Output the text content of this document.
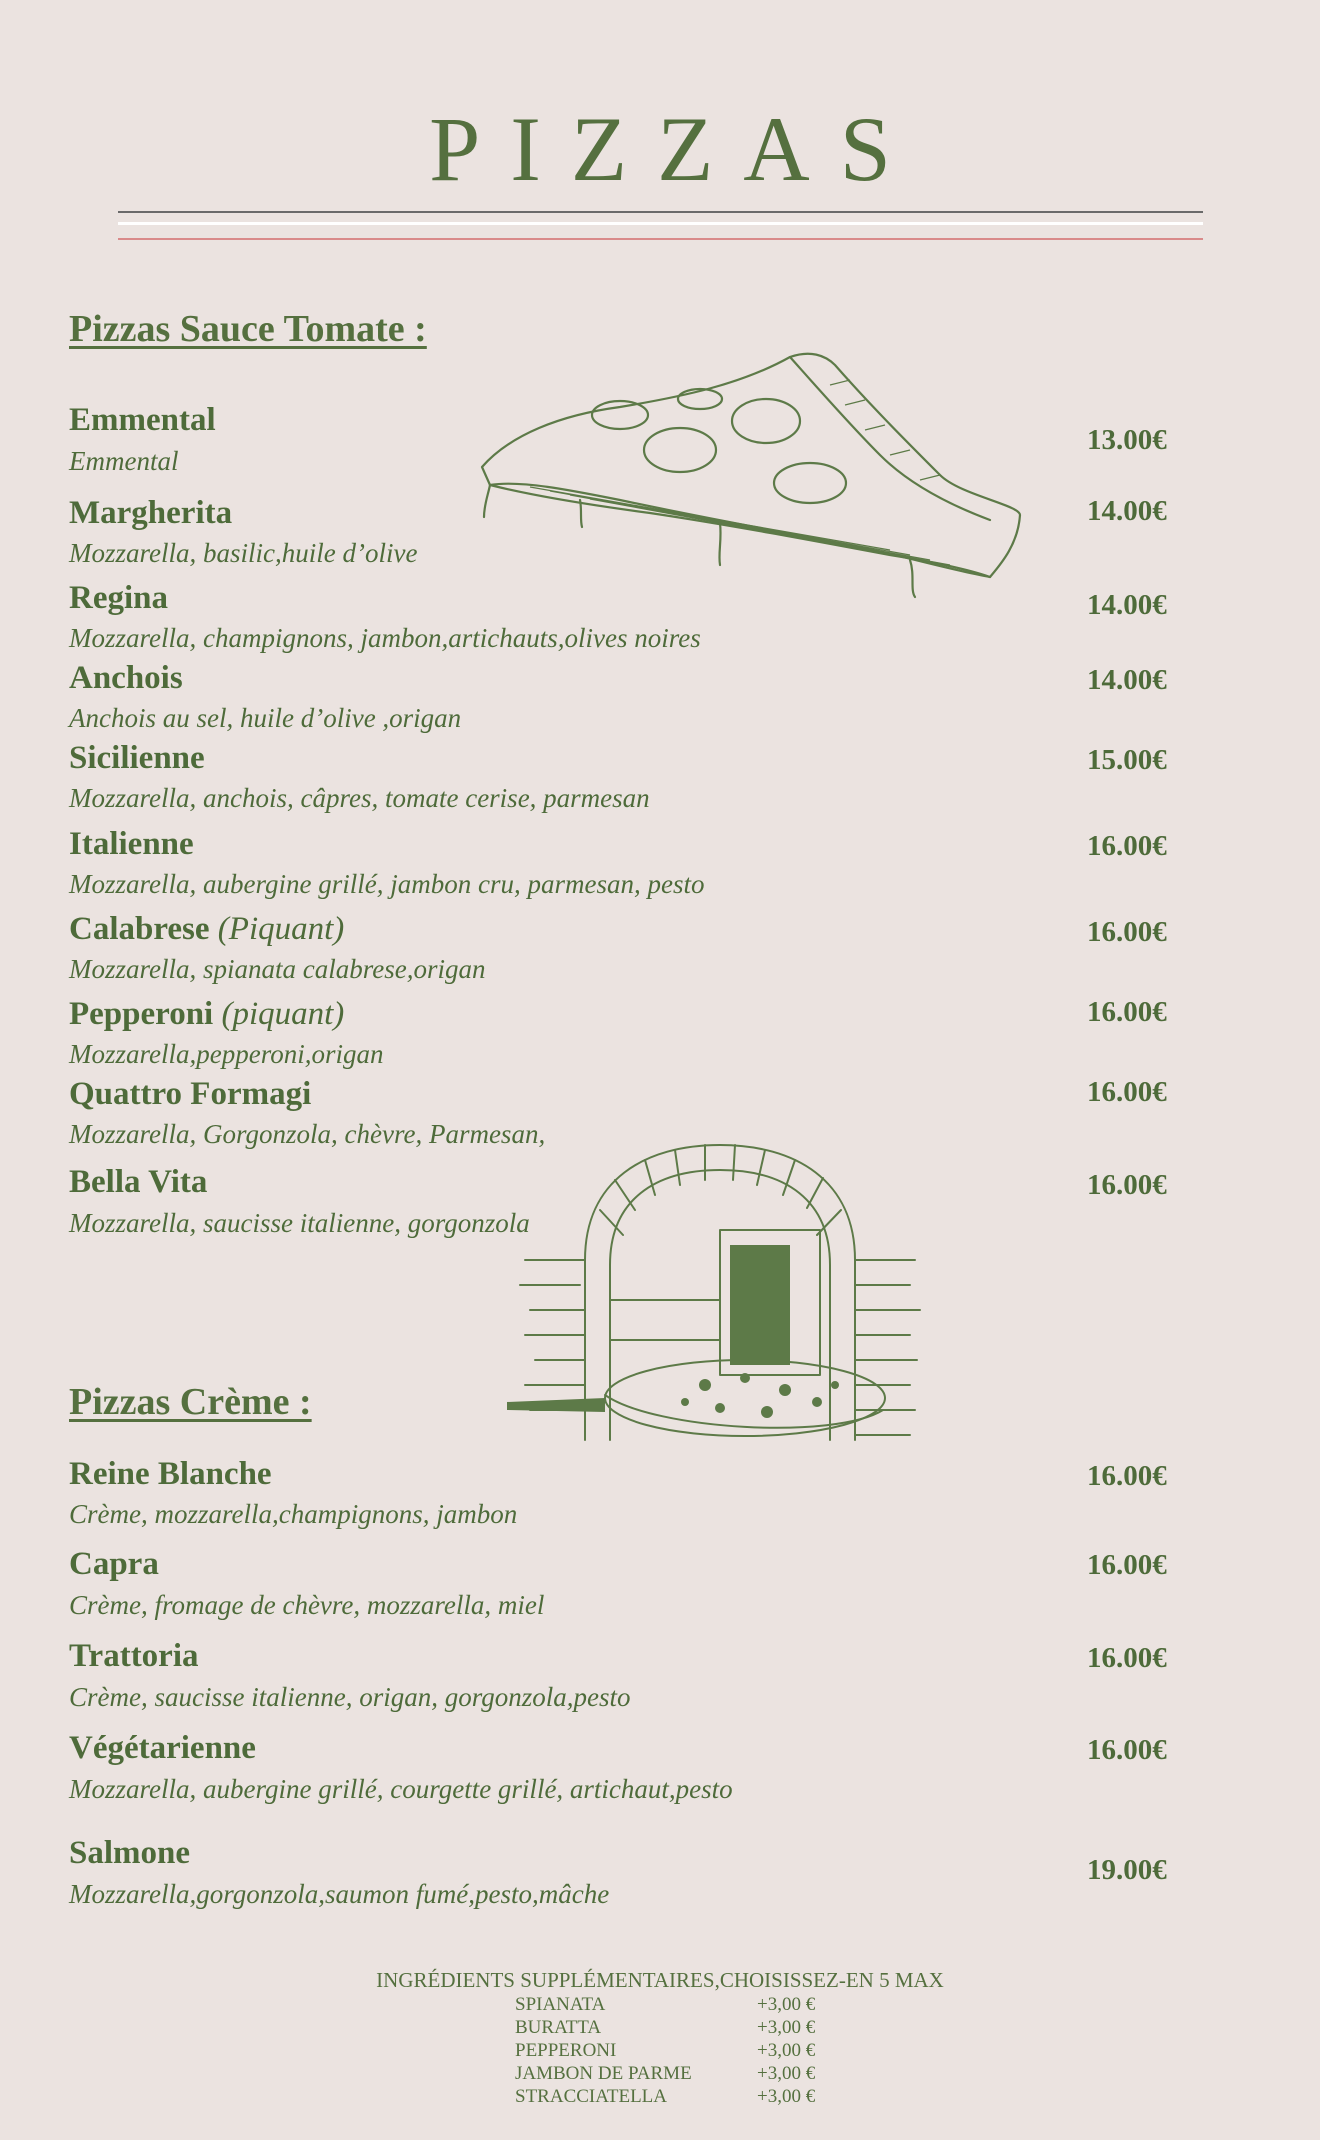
PIZZAS
Pizzas Sauce Tomate :
Emmental
Emmental
13.00€
Margherita
Mozzarella, basilic,huile d’olive
14.00€
Regina
Mozzarella, champignons, jambon,artichauts,olives noires
14.00€
Anchois
Anchois au sel, huile d’olive ,origan
14.00€
Sicilienne
Mozzarella, anchois, câpres, tomate cerise, parmesan
15.00€
Italienne
Mozzarella, aubergine grillé, jambon cru, parmesan, pesto
16.00€
Calabrese (Piquant)
Mozzarella, spianata calabrese,origan
16.00€
Pepperoni (piquant)
Mozzarella,pepperoni,origan
16.00€
Quattro Formagi
Mozzarella, Gorgonzola, chèvre, Parmesan,
16.00€
Bella Vita
Mozzarella, saucisse italienne, gorgonzola
16.00€
Pizzas Crème :
Reine Blanche
Crème, mozzarella,champignons, jambon
16.00€
Capra
Crème, fromage de chèvre, mozzarella, miel
16.00€
Trattoria
Crème, saucisse italienne, origan, gorgonzola,pesto
16.00€
Végétarienne
Mozzarella, aubergine grillé, courgette grillé, artichaut,pesto
16.00€
Salmone
Mozzarella,gorgonzola,saumon fumé,pesto,mâche
19.00€
INGRÉDIENTS SUPPLÉMENTAIRES,CHOISISSEZ-EN 5 MAX
SPIANATA	+3,00 €
BURATTA	+3,00 €
PEPPERONI	+3,00 €
JAMBON DE PARME	+3,00 €
STRACCIATELLA	+3,00 €
